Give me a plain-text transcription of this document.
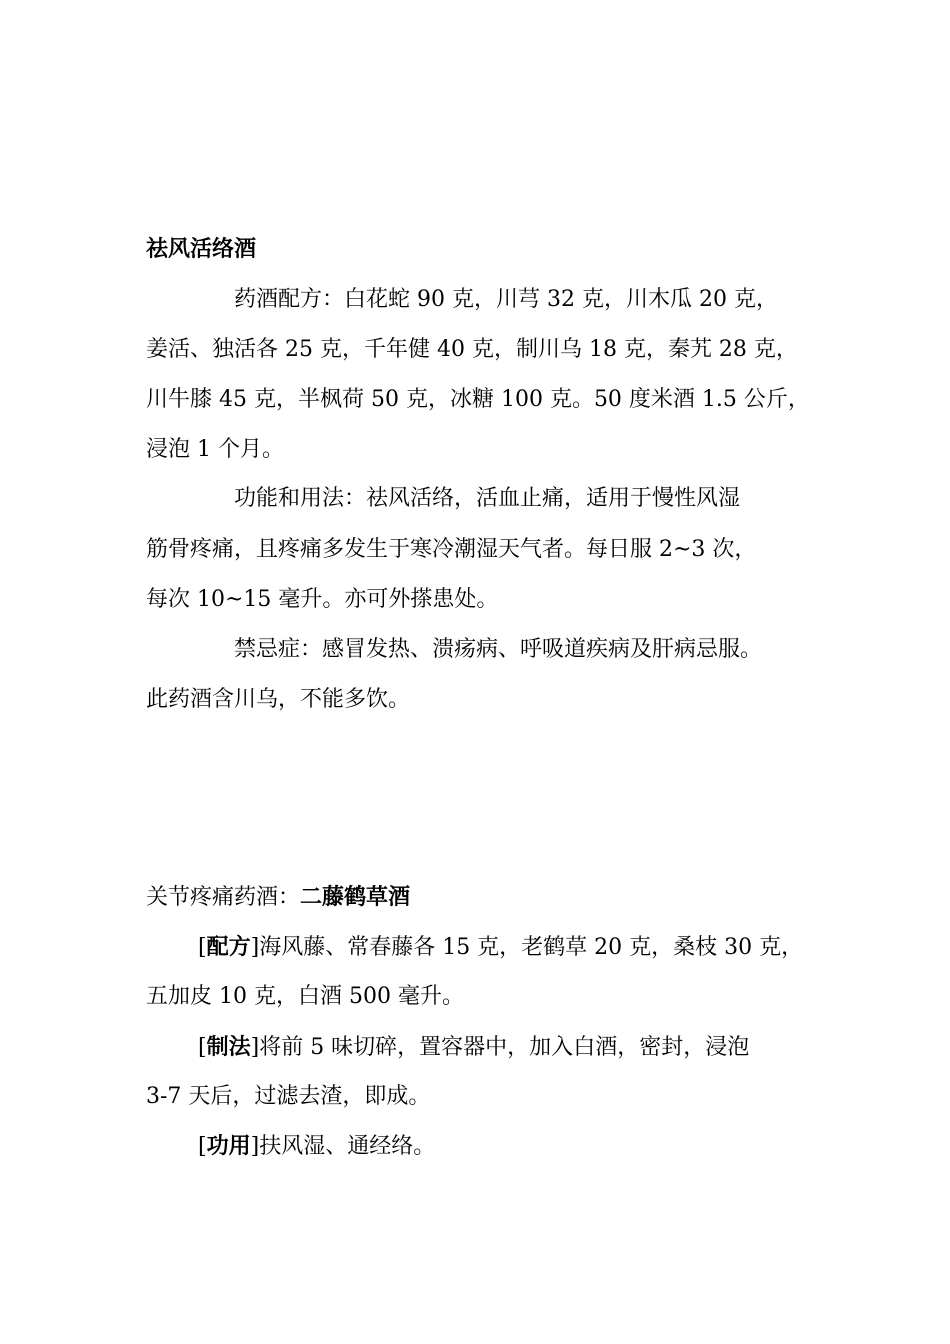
祛风活络酒
药酒配方：白花蛇 90 克，川芎 32 克，川木瓜 20 克，
姜活、独活各 25 克，千年健 40 克，制川乌 18 克，秦艽 28 克，
川牛膝 45 克，半枫荷 50 克，冰糖 100 克。50 度米酒 1.5 公斤，
浸泡 1 个月。
功能和用法：祛风活络，活血止痛，适用于慢性风湿
筋骨疼痛，且疼痛多发生于寒冷潮湿天气者。每日服 2~3 次，
每次 10~15 毫升。亦可外搽患处。
禁忌症：感冒发热、溃疡病、呼吸道疾病及肝病忌服。
此药酒含川乌，不能多饮。
关节疼痛药酒：二藤鹤草酒
[配方]海风藤、常春藤各 15 克，老鹤草 20 克，桑枝 30 克，
五加皮 10 克，白酒 500 毫升。
[制法]将前 5 味切碎，置容器中，加入白酒，密封，浸泡
3-7 天后，过滤去渣，即成。
[功用]扶风湿、通经络。
